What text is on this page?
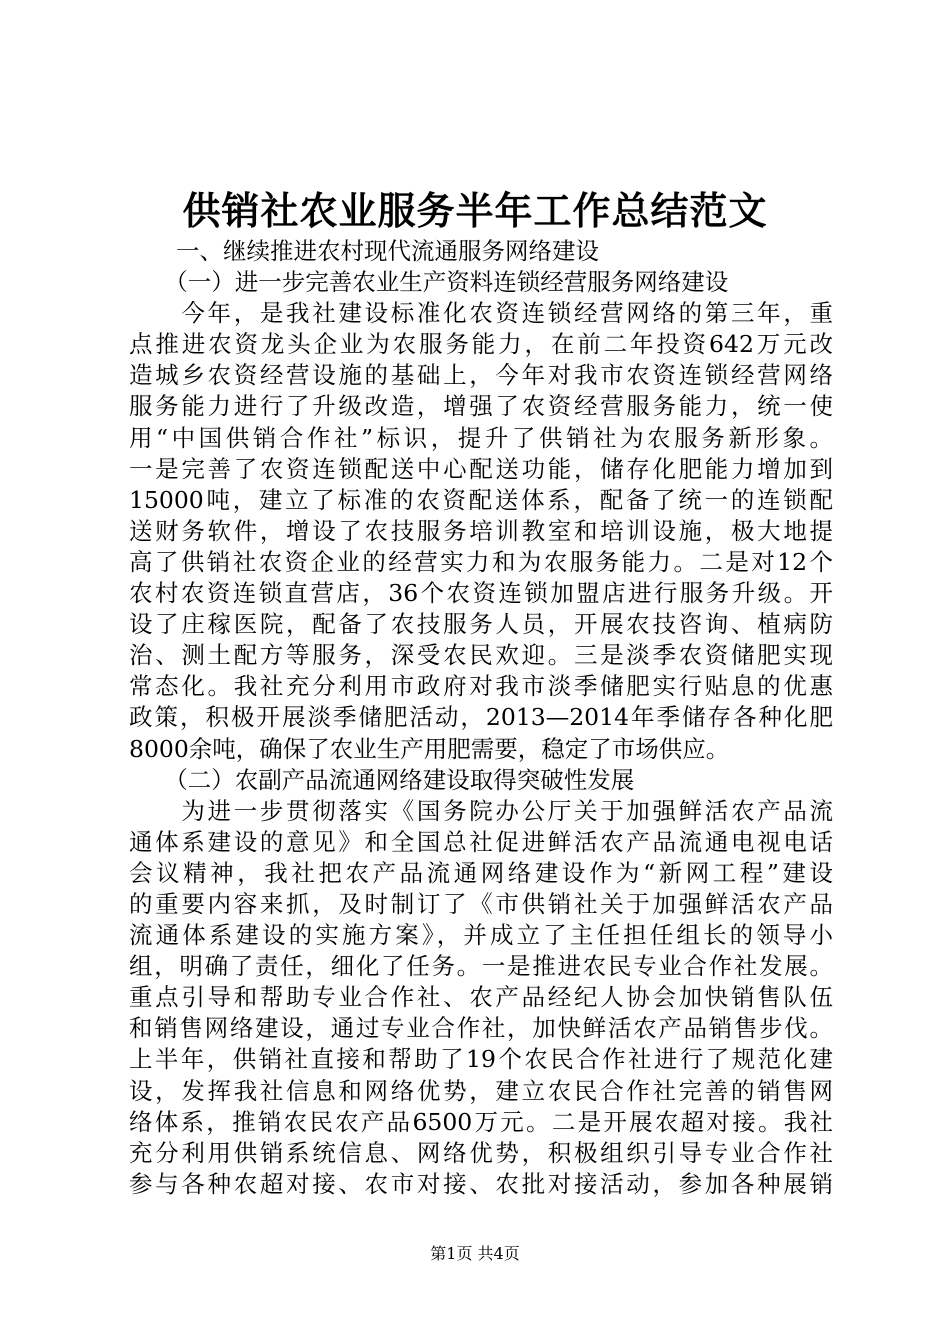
供销社农业服务半年工作总结范文
　　一、继续推进农村现代流通服务网络建设
　　（一）进一步完善农业生产资料连锁经营服务网络建设
　　今年，是我社建设标准化农资连锁经营网络的第三年，重
点推进农资龙头企业为农服务能力，在前二年投资642万元改
造城乡农资经营设施的基础上，今年对我市农资连锁经营网络
服务能力进行了升级改造，增强了农资经营服务能力，统一使
用“中国供销合作社”标识，提升了供销社为农服务新形象。
一是完善了农资连锁配送中心配送功能，储存化肥能力增加到
15000吨，建立了标准的农资配送体系，配备了统一的连锁配
送财务软件，增设了农技服务培训教室和培训设施，极大地提
高了供销社农资企业的经营实力和为农服务能力。二是对12个
农村农资连锁直营店，36个农资连锁加盟店进行服务升级。开
设了庄稼医院，配备了农技服务人员，开展农技咨询、植病防
治、测土配方等服务，深受农民欢迎。三是淡季农资储肥实现
常态化。我社充分利用市政府对我市淡季储肥实行贴息的优惠
政策，积极开展淡季储肥活动，2013—2014年季储存各种化肥
8000余吨，确保了农业生产用肥需要，稳定了市场供应。
　　（二）农副产品流通网络建设取得突破性发展
　　为进一步贯彻落实《国务院办公厅关于加强鲜活农产品流
通体系建设的意见》和全国总社促进鲜活农产品流通电视电话
会议精神，我社把农产品流通网络建设作为“新网工程”建设
的重要内容来抓，及时制订了《市供销社关于加强鲜活农产品
流通体系建设的实施方案》，并成立了主任担任组长的领导小
组，明确了责任，细化了任务。一是推进农民专业合作社发展。
重点引导和帮助专业合作社、农产品经纪人协会加快销售队伍
和销售网络建设，通过专业合作社，加快鲜活农产品销售步伐。
上半年，供销社直接和帮助了19个农民合作社进行了规范化建
设，发挥我社信息和网络优势，建立农民合作社完善的销售网
络体系，推销农民农产品6500万元。二是开展农超对接。我社
充分利用供销系统信息、网络优势，积极组织引导专业合作社
参与各种农超对接、农市对接、农批对接活动，参加各种展销
第1页 共4页
